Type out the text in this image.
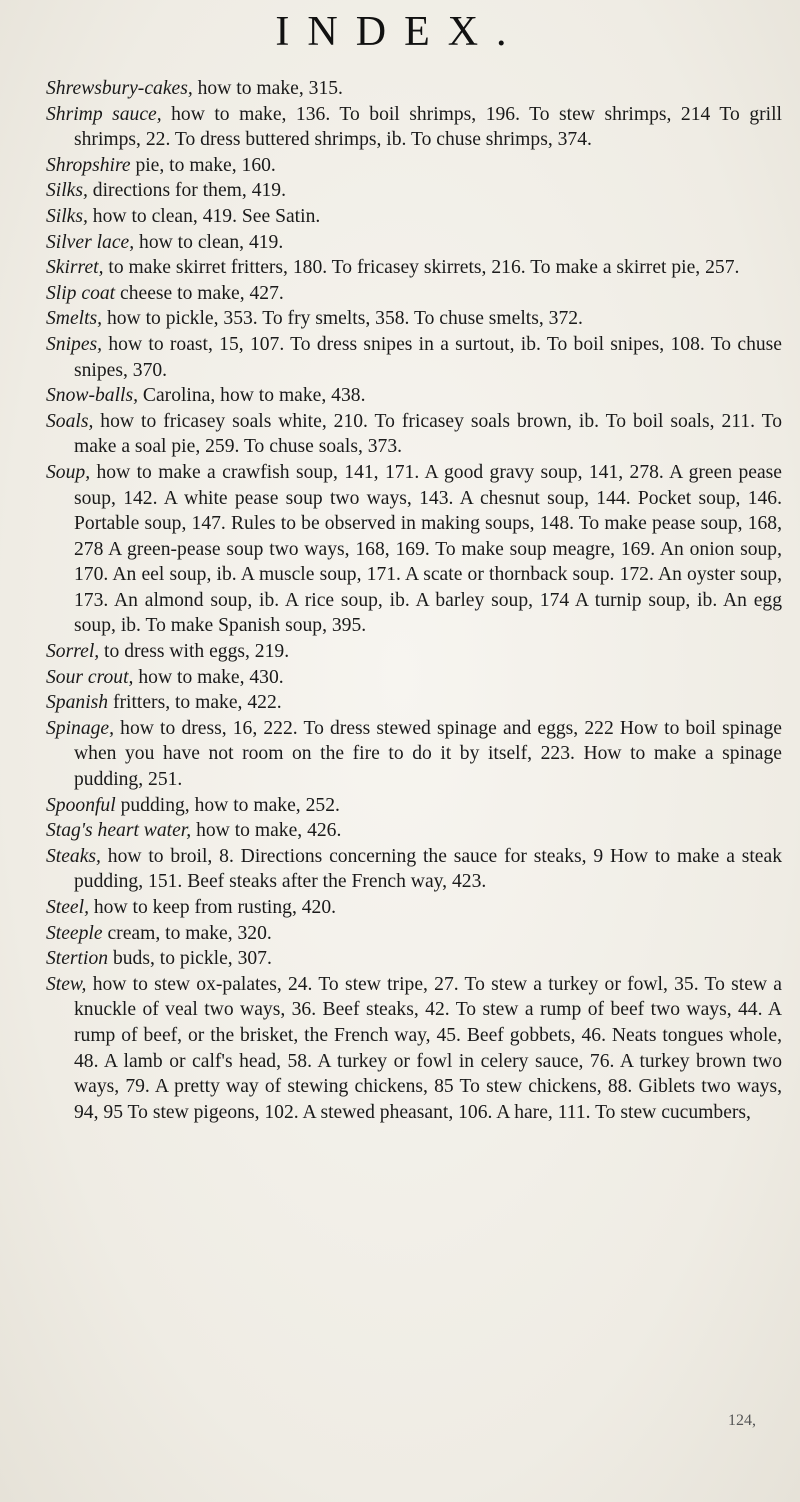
INDEX.

Shrewsbury-cakes, how to make, 315.

Shrimp sauce, how to make, 136. To boil shrimps, 196. To stew shrimps, 214 To grill shrimps, 22. To dress buttered shrimps, ib. To chuse shrimps, 374.

Shropshire pie, to make, 160.

Silks, directions for them, 419.

Silks, how to clean, 419. See Satin.

Silver lace, how to clean, 419.

Skirret, to make skirret fritters, 180. To fricasey skirrets, 216. To make a skirret pie, 257.

Slip coat cheese to make, 427.

Smelts, how to pickle, 353. To fry smelts, 358. To chuse smelts, 372.

Snipes, how to roast, 15, 107. To dress snipes in a surtout, ib. To boil snipes, 108. To chuse snipes, 370.

Snow-balls, Carolina, how to make, 438.

Soals, how to fricasey soals white, 210. To fricasey soals brown, ib. To boil soals, 211. To make a soal pie, 259. To chuse soals, 373.

Soup, how to make a crawfish soup, 141, 171. A good gravy soup, 141, 278. A green pease soup, 142. A white pease soup two ways, 143. A chesnut soup, 144. Pocket soup, 146. Portable soup, 147. Rules to be observed in making soups, 148. To make pease soup, 168, 278 A green-pease soup two ways, 168, 169. To make soup meagre, 169. An onion soup, 170. An eel soup, ib. A muscle soup, 171. A scate or thornback soup. 172. An oyster soup, 173. An almond soup, ib. A rice soup, ib. A barley soup, 174 A turnip soup, ib. An egg soup, ib. To make Spanish soup, 395.

Sorrel, to dress with eggs, 219.

Sour crout, how to make, 430.

Spanish fritters, to make, 422.

Spinage, how to dress, 16, 222. To dress stewed spinage and eggs, 222 How to boil spinage when you have not room on the fire to do it by itself, 223. How to make a spinage pudding, 251.

Spoonful pudding, how to make, 252.

Stag's heart water, how to make, 426.

Steaks, how to broil, 8. Directions concerning the sauce for steaks, 9 How to make a steak pudding, 151. Beef steaks after the French way, 423.

Steel, how to keep from rusting, 420.

Steeple cream, to make, 320.

Stertion buds, to pickle, 307.

Stew, how to stew ox-palates, 24. To stew tripe, 27. To stew a turkey or fowl, 35. To stew a knuckle of veal two ways, 36. Beef steaks, 42. To stew a rump of beef two ways, 44. A rump of beef, or the brisket, the French way, 45. Beef gobbets, 46. Neats tongues whole, 48. A lamb or calf's head, 58. A turkey or fowl in celery sauce, 76. A turkey brown two ways, 79. A pretty way of stewing chickens, 85 To stew chickens, 88. Giblets two ways, 94, 95 To stew pigeons, 102. A stewed pheasant, 106. A hare, 111. To stew cucumbers,

124,
